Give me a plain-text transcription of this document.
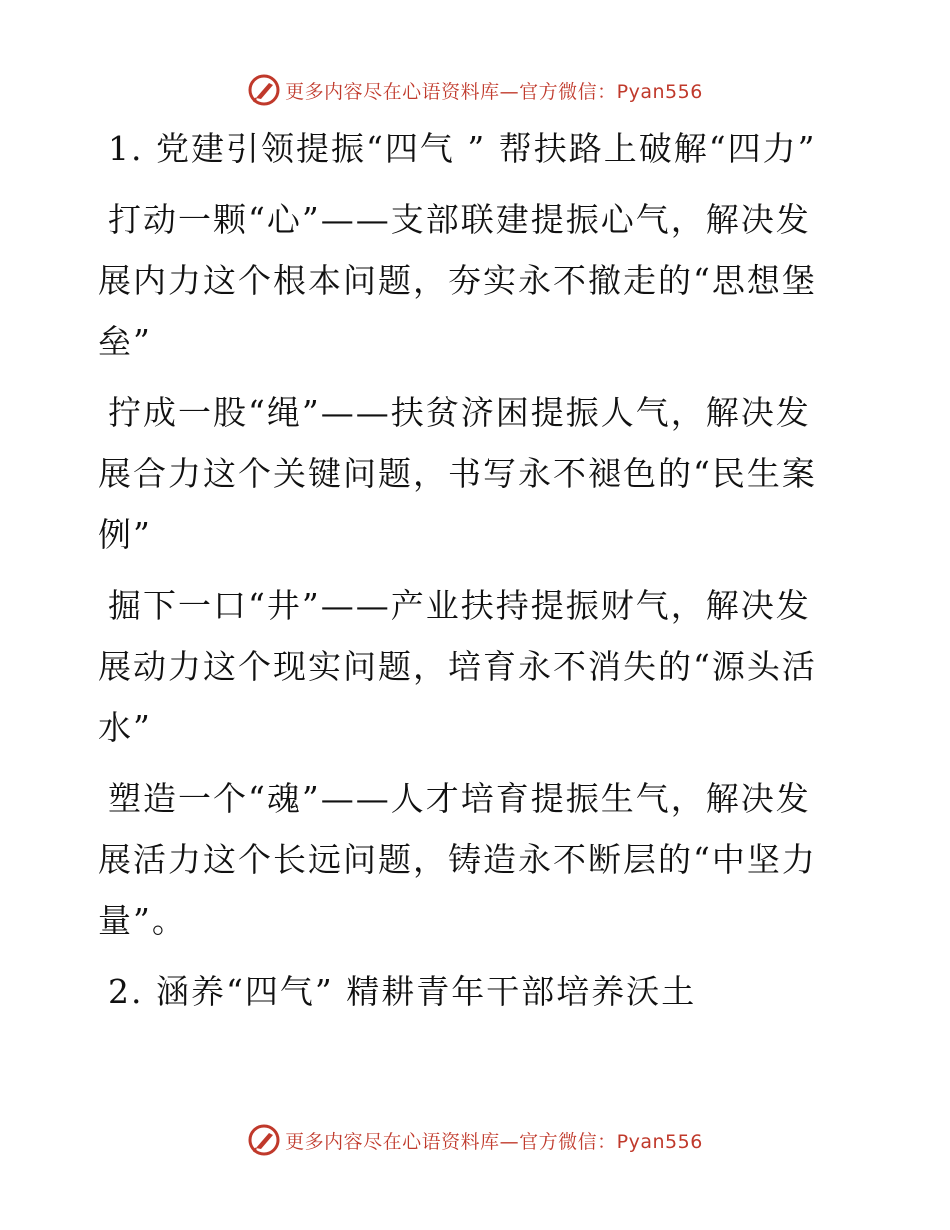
更多内容尽在心语资料库—官方微信：Pyan556

1. 党建引领提振“四气 ” 帮扶路上破解“四力”

打动一颗“心”——支部联建提振心气，解决发展内力这个根本问题，夯实永不撤走的“思想堡垒”

拧成一股“绳”——扶贫济困提振人气，解决发展合力这个关键问题，书写永不褪色的“民生案例”

掘下一口“井”——产业扶持提振财气，解决发展动力这个现实问题，培育永不消失的“源头活水”

塑造一个“魂”——人才培育提振生气，解决发展活力这个长远问题，铸造永不断层的“中坚力量”。

2. 涵养“四气” 精耕青年干部培养沃土

更多内容尽在心语资料库—官方微信：Pyan556
